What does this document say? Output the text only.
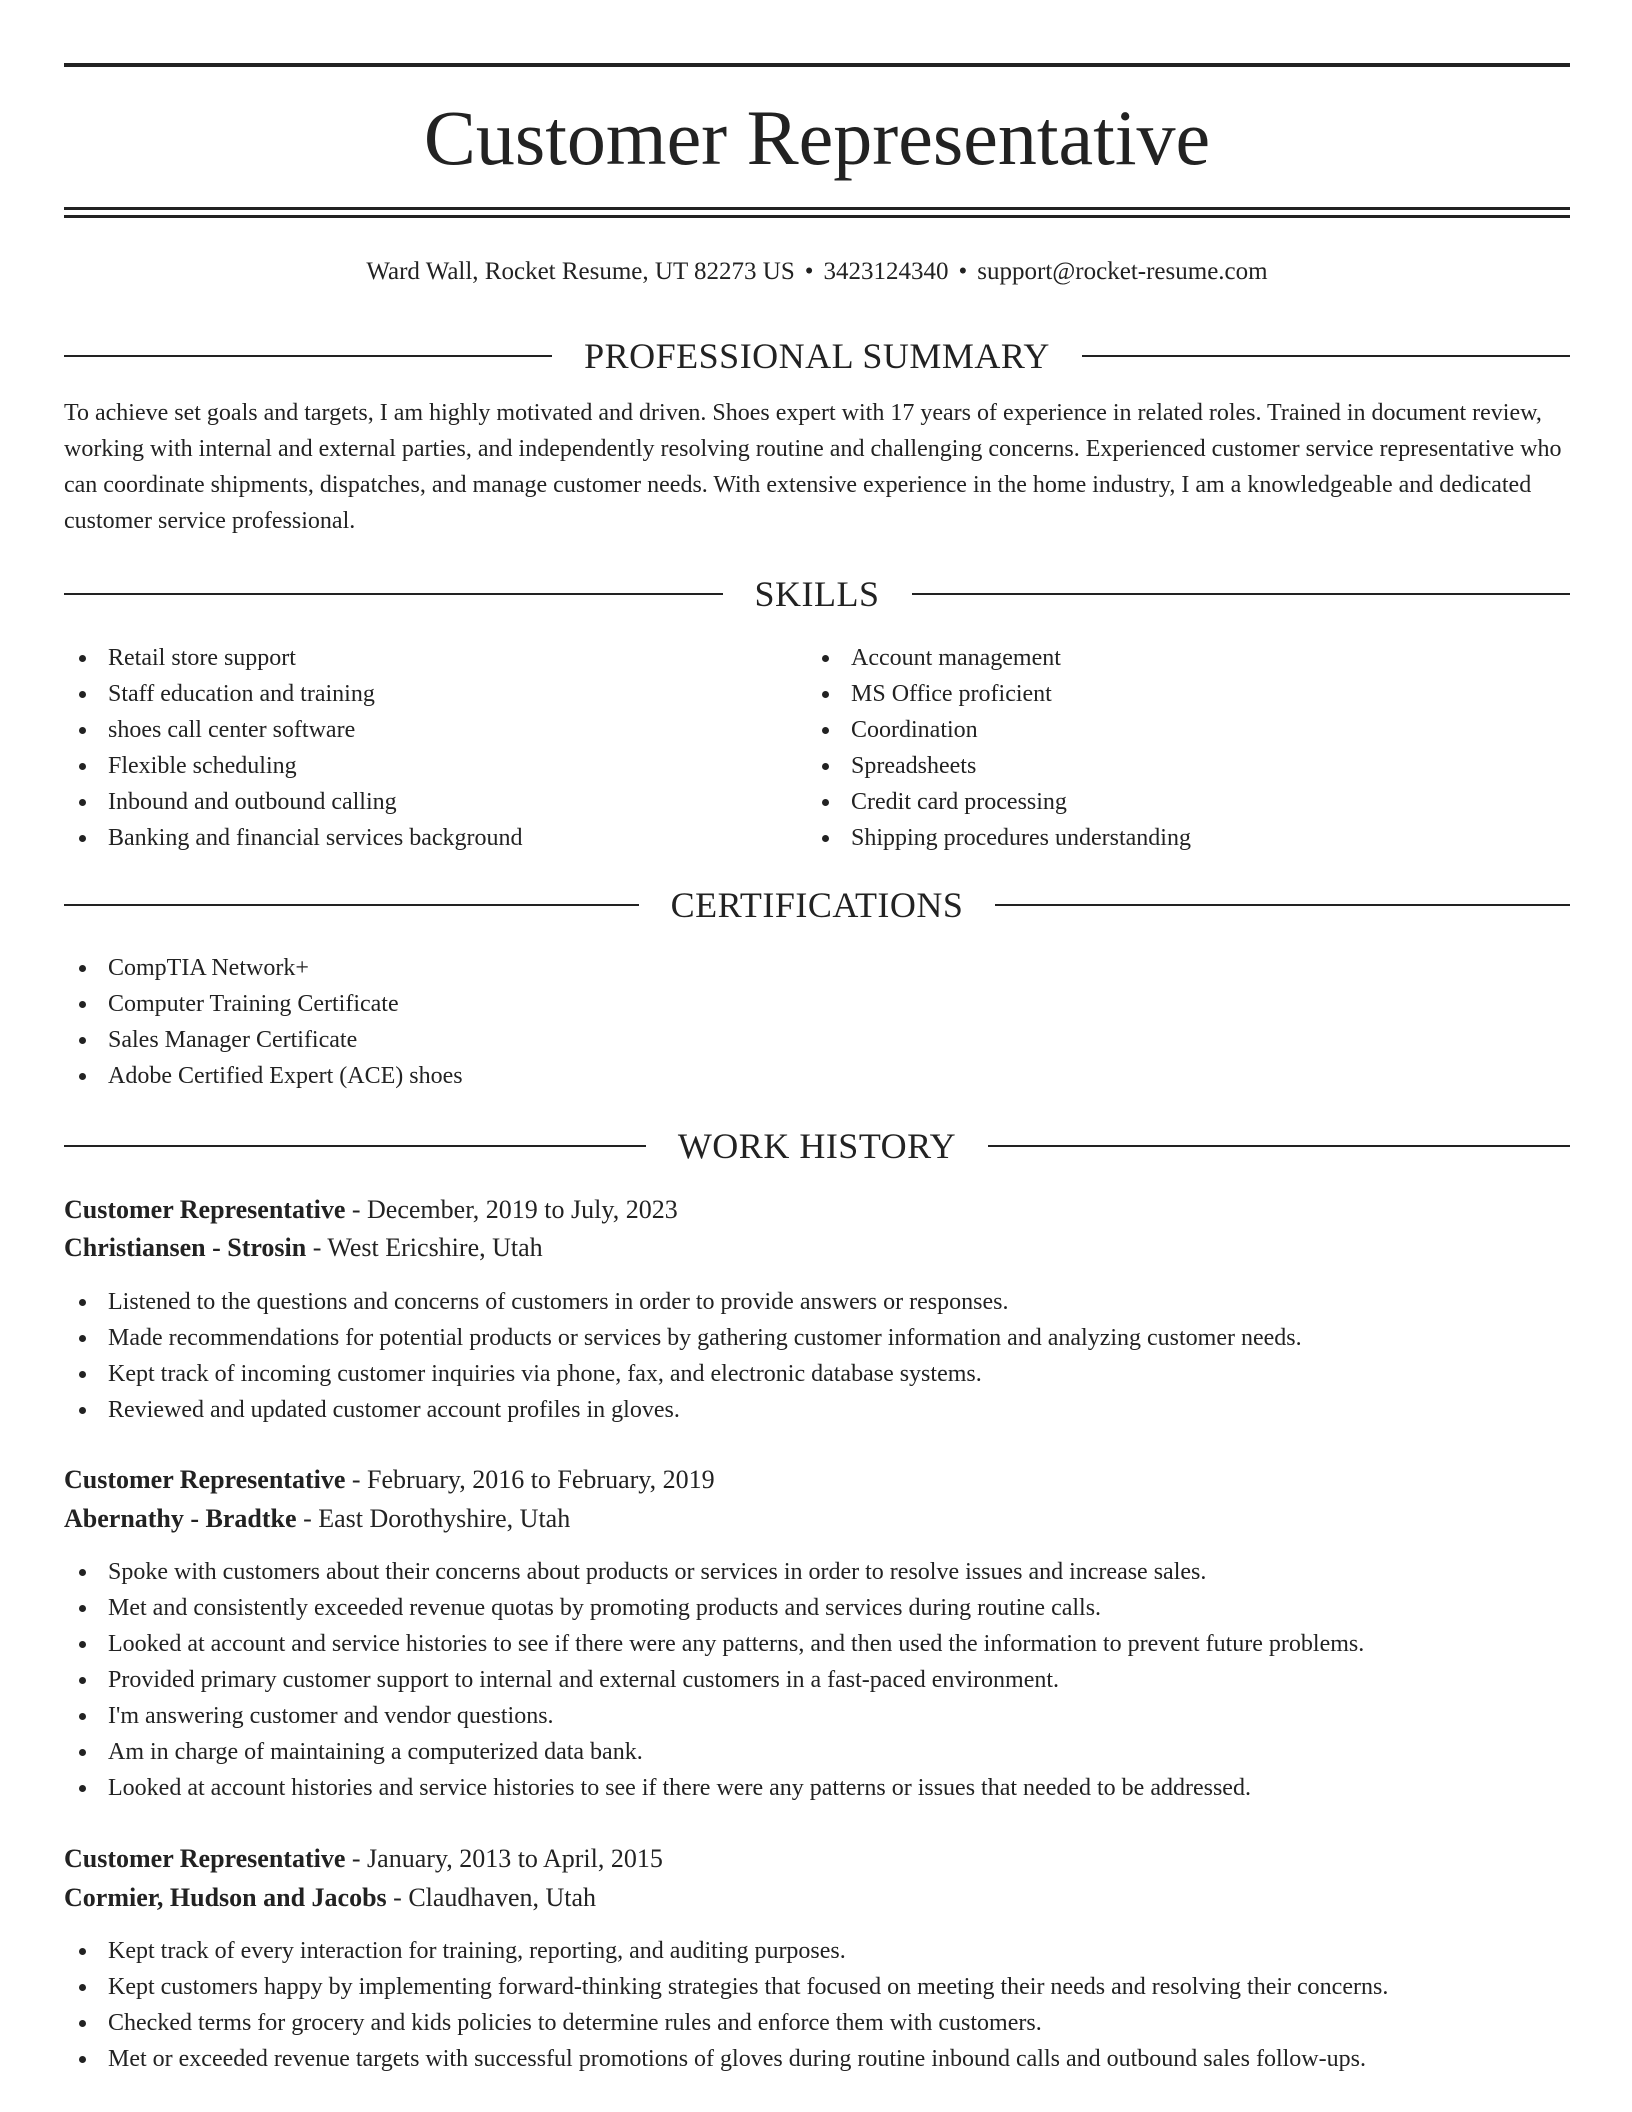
Customer Representative
Ward Wall, Rocket Resume, UT 82273 US • 3423124340 • support@rocket-resume.com
PROFESSIONAL SUMMARY
To achieve set goals and targets, I am highly motivated and driven. Shoes expert with 17 years of experience in related roles. Trained in document review, working with internal and external parties, and independently resolving routine and challenging concerns. Experienced customer service representative who can coordinate shipments, dispatches, and manage customer needs. With extensive experience in the home industry, I am a knowledgeable and dedicated customer service professional.
SKILLS
Retail store support
Staff education and training
shoes call center software
Flexible scheduling
Inbound and outbound calling
Banking and financial services background
Account management
MS Office proficient
Coordination
Spreadsheets
Credit card processing
Shipping procedures understanding
CERTIFICATIONS
CompTIA Network+
Computer Training Certificate
Sales Manager Certificate
Adobe Certified Expert (ACE) shoes
WORK HISTORY
Customer Representative - December, 2019 to July, 2023
Christiansen - Strosin - West Ericshire, Utah
Listened to the questions and concerns of customers in order to provide answers or responses.
Made recommendations for potential products or services by gathering customer information and analyzing customer needs.
Kept track of incoming customer inquiries via phone, fax, and electronic database systems.
Reviewed and updated customer account profiles in gloves.
Customer Representative - February, 2016 to February, 2019
Abernathy - Bradtke - East Dorothyshire, Utah
Spoke with customers about their concerns about products or services in order to resolve issues and increase sales.
Met and consistently exceeded revenue quotas by promoting products and services during routine calls.
Looked at account and service histories to see if there were any patterns, and then used the information to prevent future problems.
Provided primary customer support to internal and external customers in a fast-paced environment.
I'm answering customer and vendor questions.
Am in charge of maintaining a computerized data bank.
Looked at account histories and service histories to see if there were any patterns or issues that needed to be addressed.
Customer Representative - January, 2013 to April, 2015
Cormier, Hudson and Jacobs - Claudhaven, Utah
Kept track of every interaction for training, reporting, and auditing purposes.
Kept customers happy by implementing forward-thinking strategies that focused on meeting their needs and resolving their concerns.
Checked terms for grocery and kids policies to determine rules and enforce them with customers.
Met or exceeded revenue targets with successful promotions of gloves during routine inbound calls and outbound sales follow-ups.
